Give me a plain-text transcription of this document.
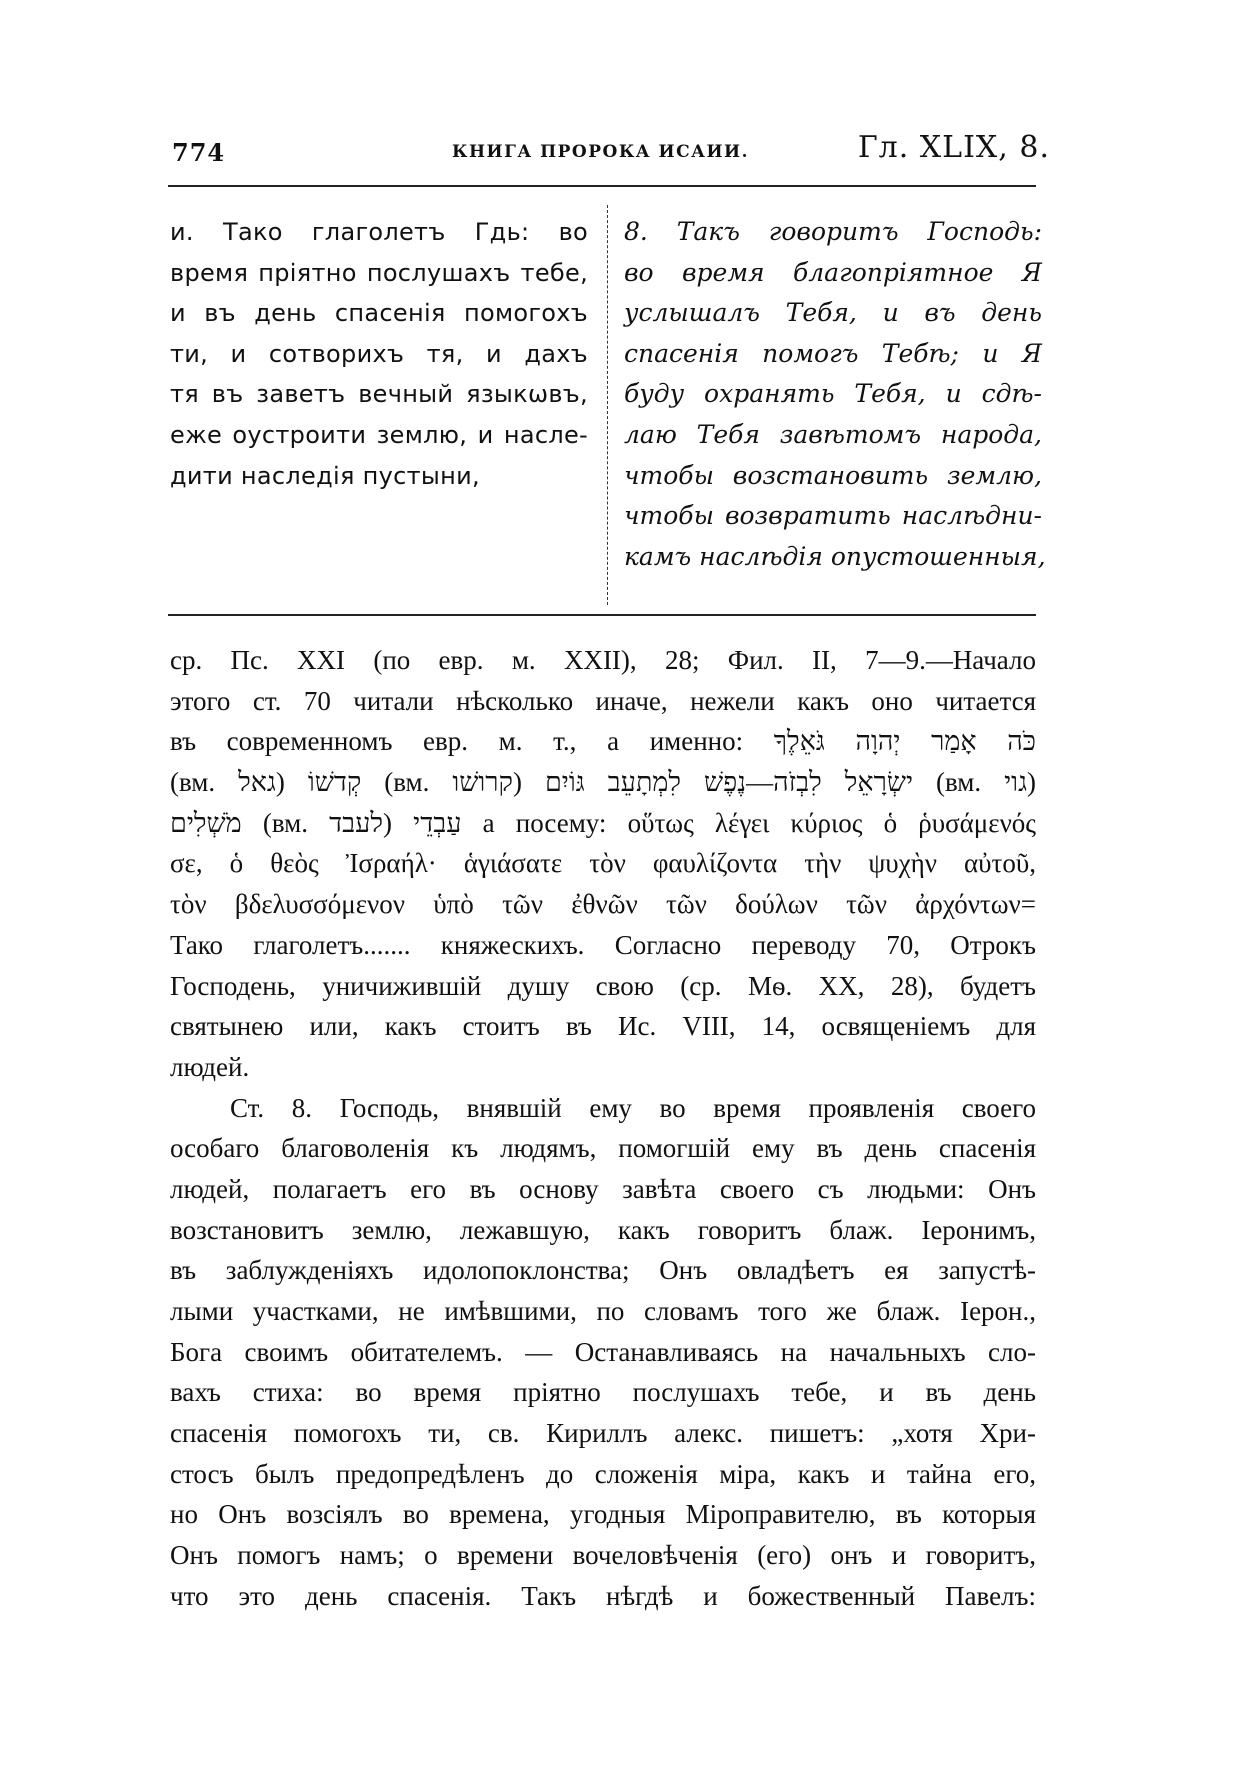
774	КНИГА ПРОРОКА ИСАИИ.	Гл. XLIX, 8.
и. Тако глаголетъ Гдь: во
время пріятно послушахъ тебе,
и въ день спасенія помогохъ
ти, и сотворихъ тя, и дахъ
тя въ заветъ вечный языкѡвъ,
еже оустроити землю, и насле-
дити наследія пустыни,
8. Такъ говоритъ Господь:
во время благопріятное Я
услышалъ Тебя, и въ день
спасенія помогъ Тебѣ; и Я
буду охранять Тебя, и сдѣ-
лаю Тебя завѣтомъ народа,
чтобы возстановить землю,
чтобы возвратить наслѣдни-
камъ наслѣдія опустошенныя,
ср. Пс. XXI (по евр. м. XXII), 28; Фил. II, 7—9.—Начало
этого ст. 70 читали нѣсколько иначе, нежели какъ оно читается
въ современномъ евр. м. т., а именно: כֹּה אָמַר יְהוָה גֹּאֵלֶךָ
(вм. גאל) קְדשׁוֹ (вм. קרושׁו) ישְׂרָאֵל לִבְזֹה—נֶפֶשׁ לִמְתָעֵב גּוֹיִם (вм. גוי)
מֹשְׁלִים (вм. לעבד) עַבְדֵי а посему: οὕτως λέγει κύριος ὁ ῥυσάμενός
σε, ὁ θεὸς Ἰσραήλ· ἁγιάσατε τὸν φαυλίζοντα τὴν ψυχὴν αὐτοῦ,
τὸν βδελυσσόμενον ὑπὸ τῶν ἐθνῶν τῶν δούλων τῶν ἀρχόντων=
Тако глаголетъ....... княжескихъ. Согласно переводу 70, Отрокъ
Господень, уничижившій душу свою (ср. Мѳ. XX, 28), будетъ
святынею или, какъ стоитъ въ Ис. VIII, 14, освященіемъ для
людей.
Ст. 8. Господь, внявшій ему во время проявленія своего
особаго благоволенія къ людямъ, помогшій ему въ день спасенія
людей, полагаетъ его въ основу завѣта своего съ людьми: Онъ
возстановитъ землю, лежавшую, какъ говоритъ блаж. Іеронимъ,
въ заблужденіяхъ идолопоклонства; Онъ овладѣетъ ея запустѣ-
лыми участками, не имѣвшими, по словамъ того же блаж. Іерон.,
Бога своимъ обитателемъ. — Останавливаясь на начальныхъ сло-
вахъ стиха: во время пріятно послушахъ тебе, и въ день
спасенія помогохъ ти, св. Кириллъ алекс. пишетъ: „хотя Хри-
стосъ былъ предопредѣленъ до сложенія міра, какъ и тайна его,
но Онъ возсіялъ во времена, угодныя Міроправителю, въ которыя
Онъ помогъ намъ; о времени вочеловѣченія (его) онъ и говоритъ,
что это день спасенія. Такъ нѣгдѣ и божественный Павелъ:
